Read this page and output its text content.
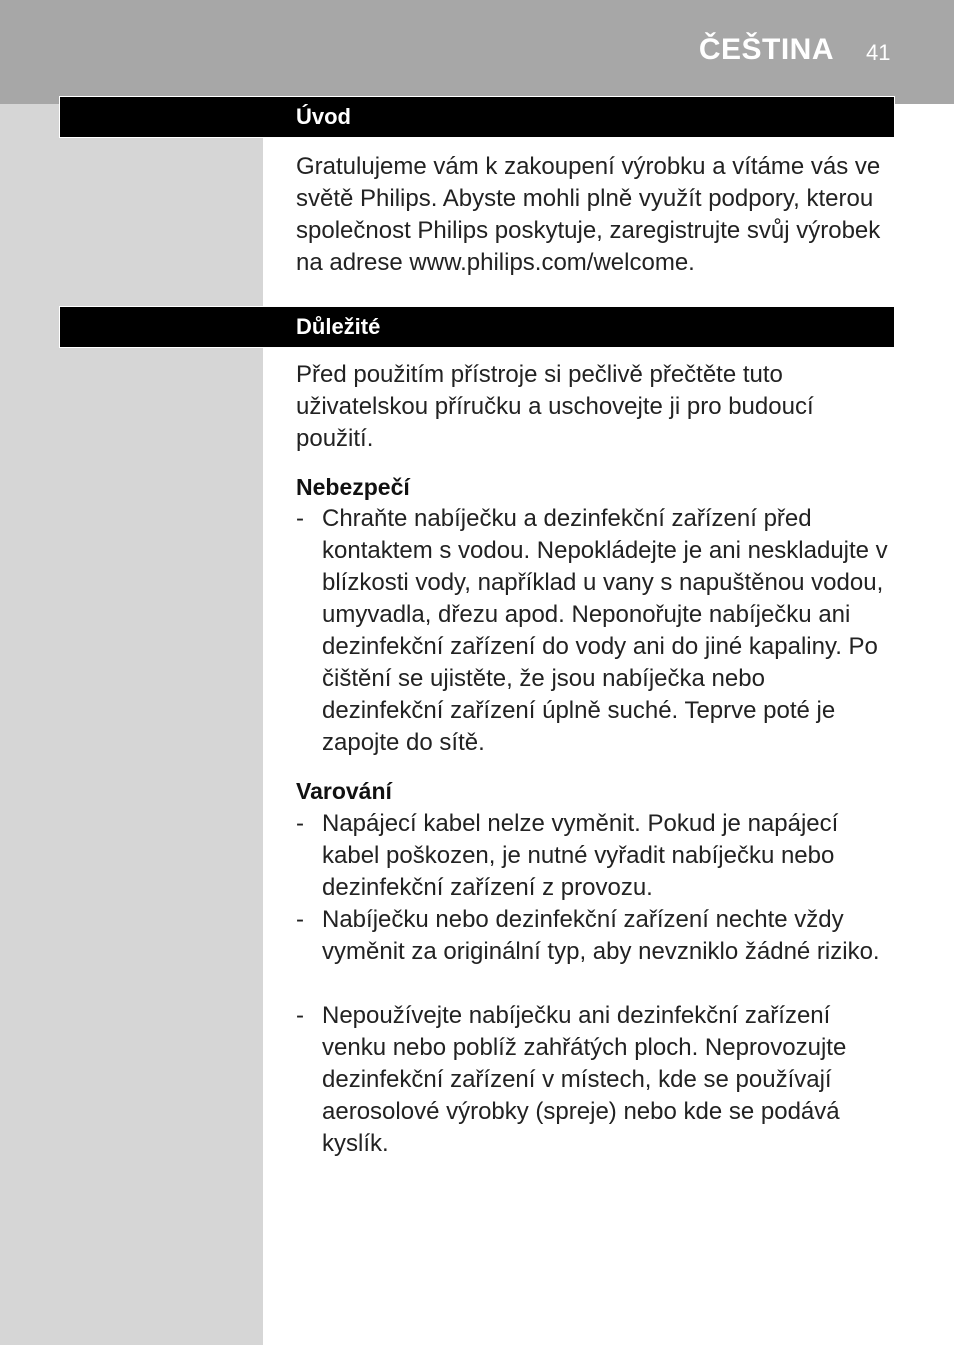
ČEŠTINA 41
Úvod
Gratulujeme vám k zakoupení výrobku a vítáme vás ve světě Philips. Abyste mohli plně využít podpory, kterou společnost Philips poskytuje, zaregistrujte svůj výrobek na adrese www.philips.com/welcome.
Důležité
Před použitím přístroje si pečlivě přečtěte tuto uživatelskou příručku a uschovejte ji pro budoucí použití.
Nebezpečí
- Chraňte nabíječku a dezinfekční zařízení před kontaktem s vodou. Nepokládejte je ani neskladujte v blízkosti vody, například u vany s napuštěnou vodou, umyvadla, dřezu apod. Neponořujte nabíječku ani dezinfekční zařízení do vody ani do jiné kapaliny. Po čištění se ujistěte, že jsou nabíječka nebo dezinfekční zařízení úplně suché. Teprve poté je zapojte do sítě.
Varování
- Napájecí kabel nelze vyměnit. Pokud je napájecí kabel poškozen, je nutné vyřadit nabíječku nebo dezinfekční zařízení z provozu.
- Nabíječku nebo dezinfekční zařízení nechte vždy vyměnit za originální typ, aby nevzniklo žádné riziko.
- Nepoužívejte nabíječku ani dezinfekční zařízení venku nebo poblíž zahřátých ploch. Neprovozujte dezinfekční zařízení v místech, kde se používají aerosolové výrobky (spreje) nebo kde se podává kyslík.
